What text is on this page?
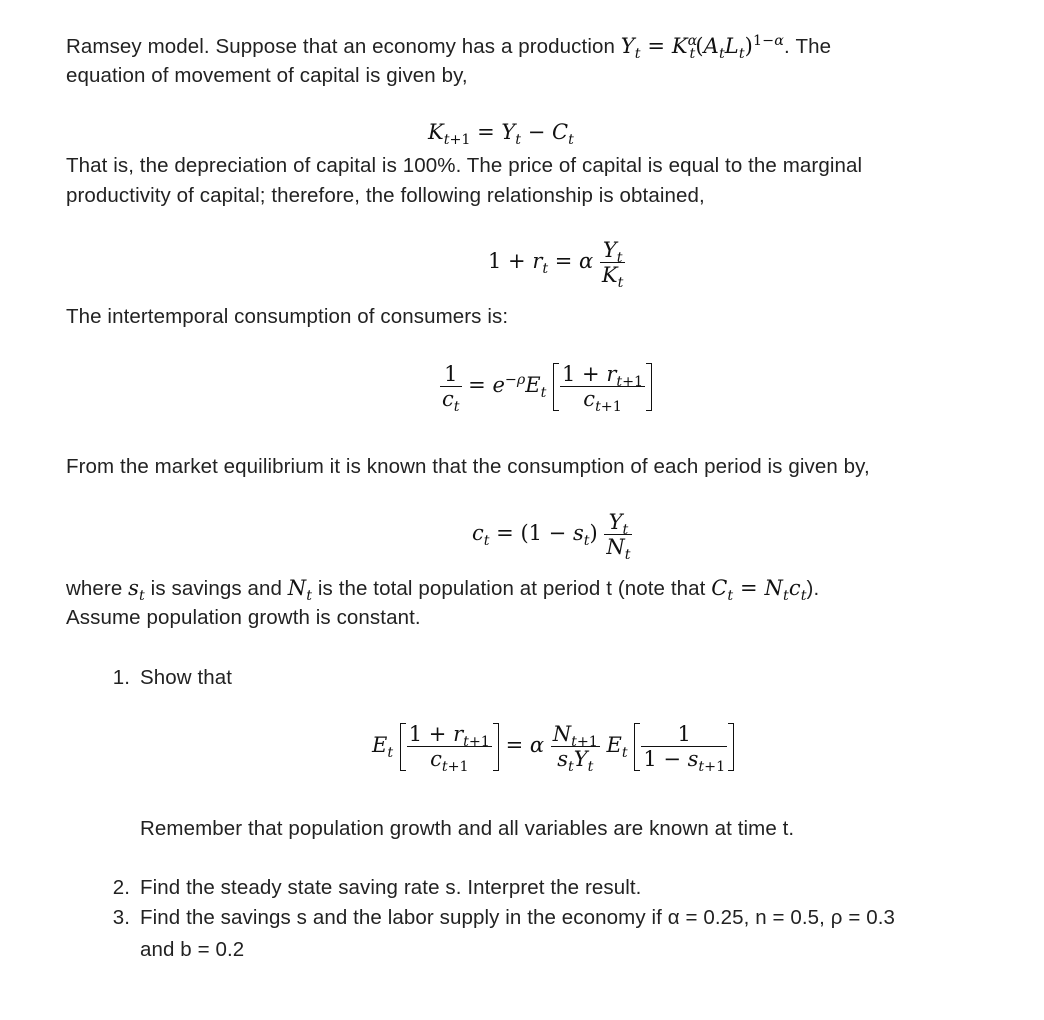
Ramsey model. Suppose that an economy has a production $Y_t = K^\alpha_t(A_tL_t)^{1-\alpha}$. The
equation of movement of capital is given by,
$K_{t+1} = Y_t - C_t$
That is, the depreciation of capital is 100%. The price of capital is equal to the marginal
productivity of capital; therefore, the following relationship is obtained,
$1 + r_t = \alpha \frac{Y_t}{K_t}$
The intertemporal consumption of consumers is:
$\frac{1}{c_t} = e^{-\rho}E_t \frac{1 + r_{t+1}}{c_{t+1}}$
From the market equilibrium it is known that the consumption of each period is given by,
$c_t = (1 - s_t) \frac{Y_t}{N_t}$
where $s_t$ is savings and $N_t$ is the total population at period t (note that $C_t = N_tc_t$).
Assume population growth is constant.
1. Show that
$E_t \frac{1 + r_{t+1}}{c_{t+1}} = \alpha \frac{N_{t+1}}{s_tY_t} E_t \frac{1}{1 - s_{t+1}}$
Remember that population growth and all variables are known at time t.
2. Find the steady state saving rate s. Interpret the result.
3. Find the savings s and the labor supply in the economy if α = 0.25, n = 0.5, ρ = 0.3
and b = 0.2
